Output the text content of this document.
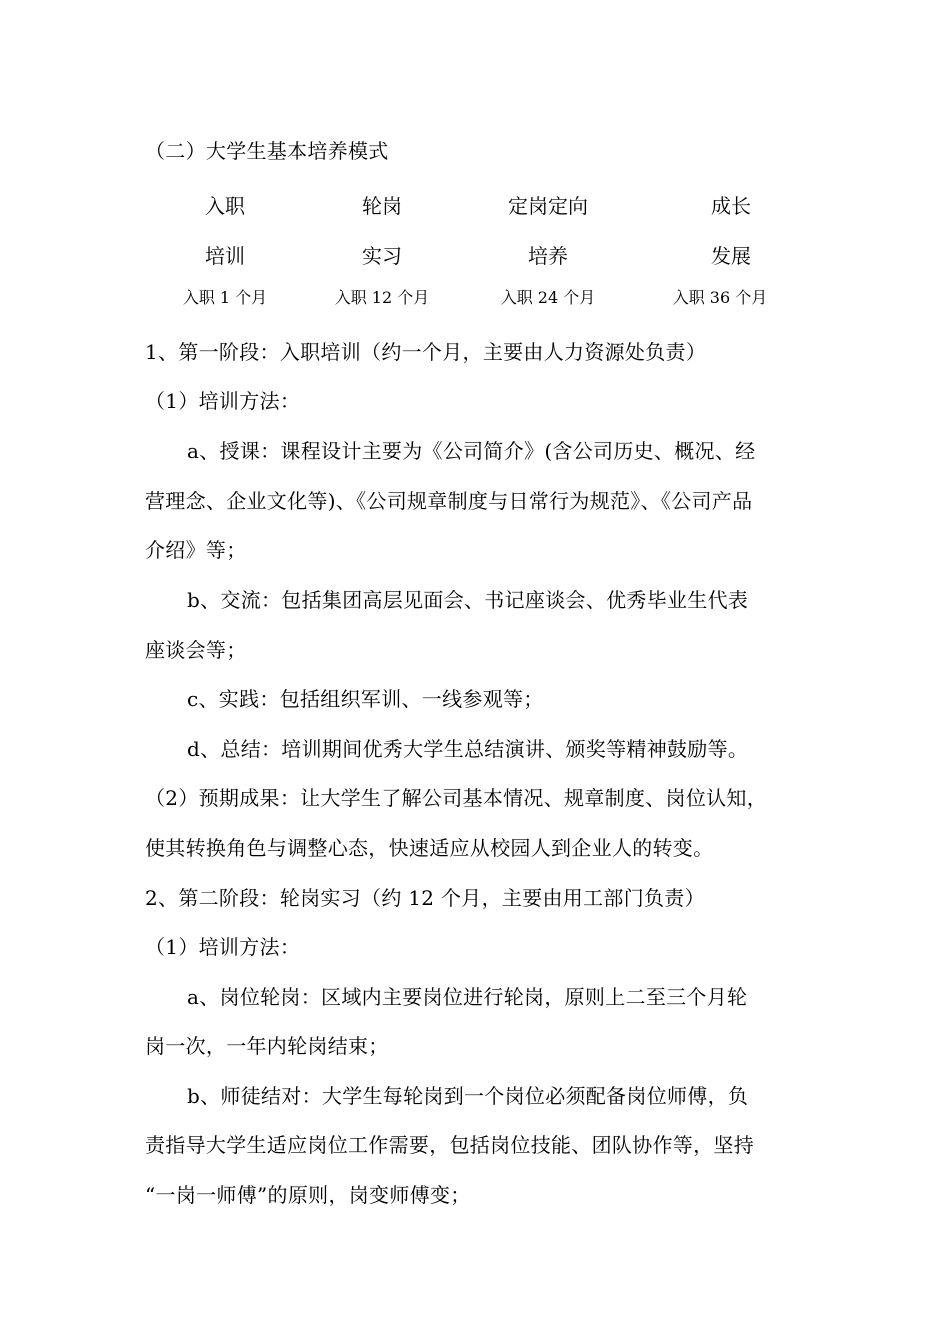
（二）大学生基本培养模式
入职	轮岗	定岗定向	成长
培训	实习	培养	发展
入职 1 个月	入职 12 个月	入职 24 个月	入职 36 个月
1、第一阶段：入职培训（约一个月，主要由人力资源处负责）
（1）培训方法：
a、授课：课程设计主要为《公司简介》(含公司历史、概况、经
营理念、企业文化等)、《公司规章制度与日常行为规范》、《公司产品
介绍》等；
b、交流：包括集团高层见面会、书记座谈会、优秀毕业生代表
座谈会等；
c、实践：包括组织军训、一线参观等；
d、总结：培训期间优秀大学生总结演讲、颁奖等精神鼓励等。
（2）预期成果：让大学生了解公司基本情况、规章制度、岗位认知，
使其转换角色与调整心态，快速适应从校园人到企业人的转变。
2、第二阶段：轮岗实习（约 12 个月，主要由用工部门负责）
（1）培训方法：
a、岗位轮岗：区域内主要岗位进行轮岗，原则上二至三个月轮
岗一次，一年内轮岗结束；
b、师徒结对：大学生每轮岗到一个岗位必须配备岗位师傅，负
责指导大学生适应岗位工作需要，包括岗位技能、团队协作等，坚持
“一岗一师傅”的原则，岗变师傅变；
